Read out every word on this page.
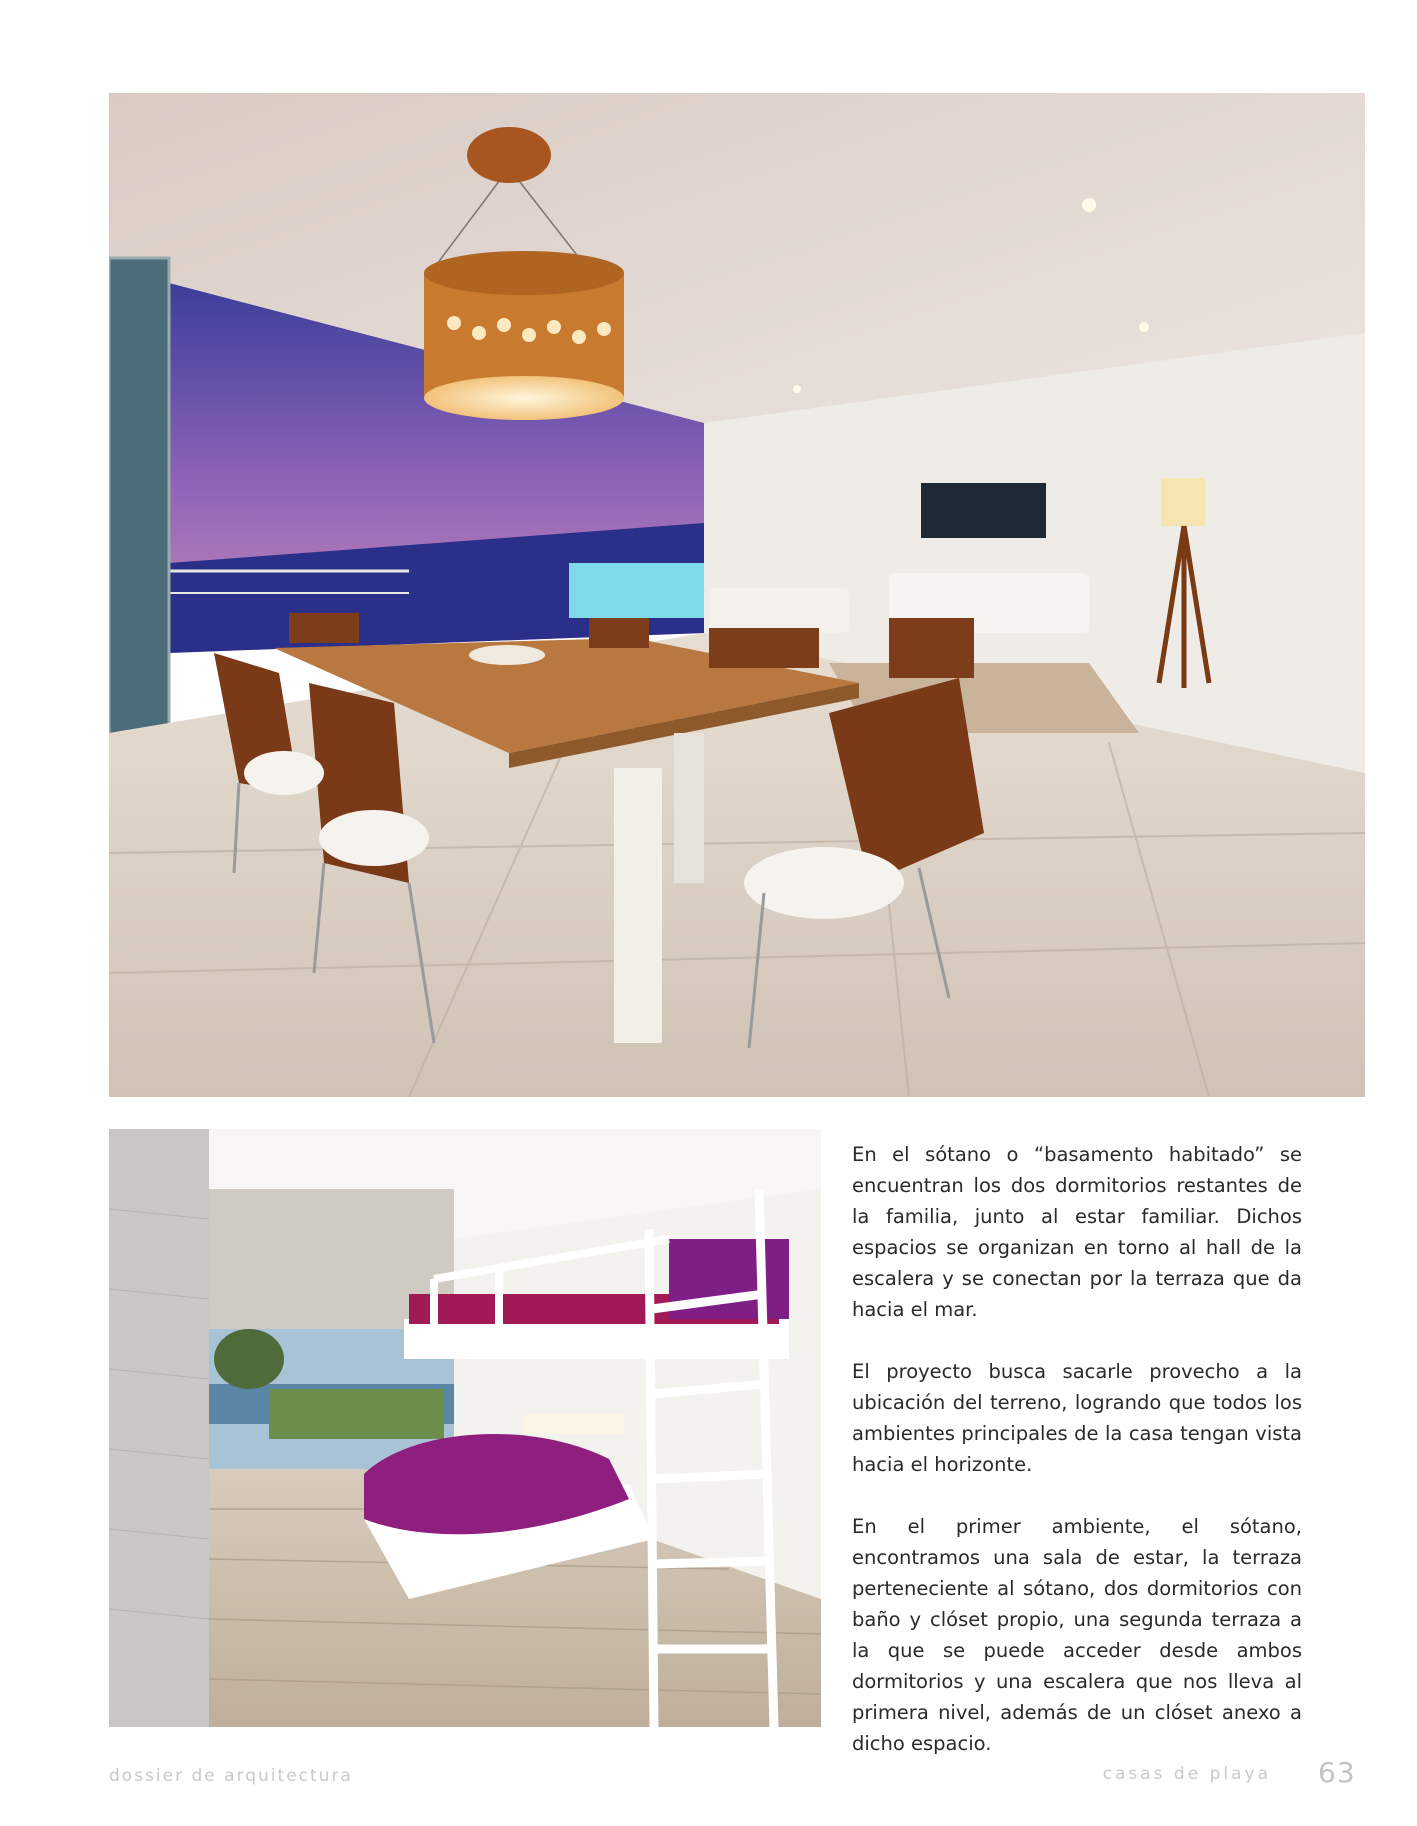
En el sótano o “basamento habitado” se encuentran los dos dormitorios restantes de la familia, junto al estar familiar. Dichos espacios se organizan en torno al hall de la escalera y se conectan por la terraza que da hacia el mar.

El proyecto busca sacarle provecho a la ubicación del terreno, logrando que todos los ambientes principales de la casa tengan vista hacia el horizonte.

En el primer ambiente, el sótano, encontramos una sala de estar, la terraza perteneciente al sótano, dos dormitorios con baño y clóset propio, una segunda terraza a la que se puede acceder desde ambos dormitorios y una escalera que nos lleva al primera nivel, además de un clóset anexo a dicho espacio.

dossier de arquitectura	casas de playa 63
